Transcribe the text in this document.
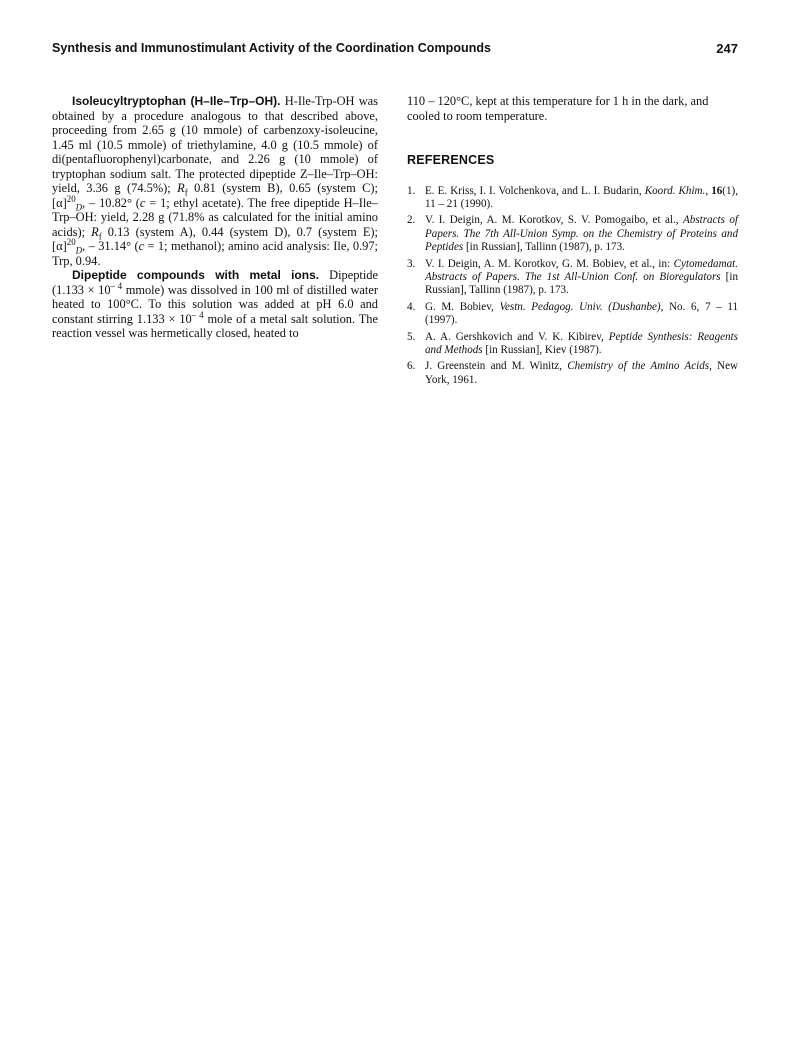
Synthesis and Immunostimulant Activity of the Coordination Compounds	247

Isoleucyltryptophan (H–Ile–Trp–OH). H-Ile-Trp-OH was obtained by a procedure analogous to that described above, proceeding from 2.65 g (10 mmole) of carbenzoxy-isoleucine, 1.45 ml (10.5 mmole) of triethylamine, 4.0 g (10.5 mmole) of di(pentafluorophenyl)carbonate, and 2.26 g (10 mmole) of tryptophan sodium salt. The protected dipeptide Z–Ile–Trp–OH: yield, 3.36 g (74.5%); $R_f$ 0.81 (system B), 0.65 (system C); $[\alpha]^{20}_D$, – 10.82° (c = 1; ethyl acetate). The free dipeptide H–Ile–Trp–OH: yield, 2.28 g (71.8% as calculated for the initial amino acids); $R_f$ 0.13 (system A), 0.44 (system D), 0.7 (system E); $[\alpha]^{20}_D$, – 31.14° (c = 1; methanol); amino acid analysis: Ile, 0.97; Trp, 0.94.

Dipeptide compounds with metal ions. Dipeptide ($1.133 \times 10^{- 4}$ mmole) was dissolved in 100 ml of distilled water heated to 100°C. To this solution was added at pH 6.0 and constant stirring $1.133 \times 10^{- 4}$ mole of a metal salt solution. The reaction vessel was hermetically closed, heated to

110 – 120°C, kept at this temperature for 1 h in the dark, and cooled to room temperature.

REFERENCES
1. E. E. Kriss, I. I. Volchenkova, and L. I. Budarin, Koord. Khim., 16(1), 11 – 21 (1990).
2. V. I. Deigin, A. M. Korotkov, S. V. Pomogaibo, et al., Abstracts of Papers. The 7th All-Union Symp. on the Chemistry of Proteins and Peptides [in Russian], Tallinn (1987), p. 173.
3. V. I. Deigin, A. M. Korotkov, G. M. Bobiev, et al., in: Cytomedamat. Abstracts of Papers. The 1st All-Union Conf. on Bioregulators [in Russian], Tallinn (1987), p. 173.
4. G. M. Bobiev, Vestn. Pedagog. Univ. (Dushanbe), No. 6, 7 – 11 (1997).
5. A. A. Gershkovich and V. K. Kibirev, Peptide Synthesis: Reagents and Methods [in Russian], Kiev (1987).
6. J. Greenstein and M. Winitz, Chemistry of the Amino Acids, New York, 1961.
